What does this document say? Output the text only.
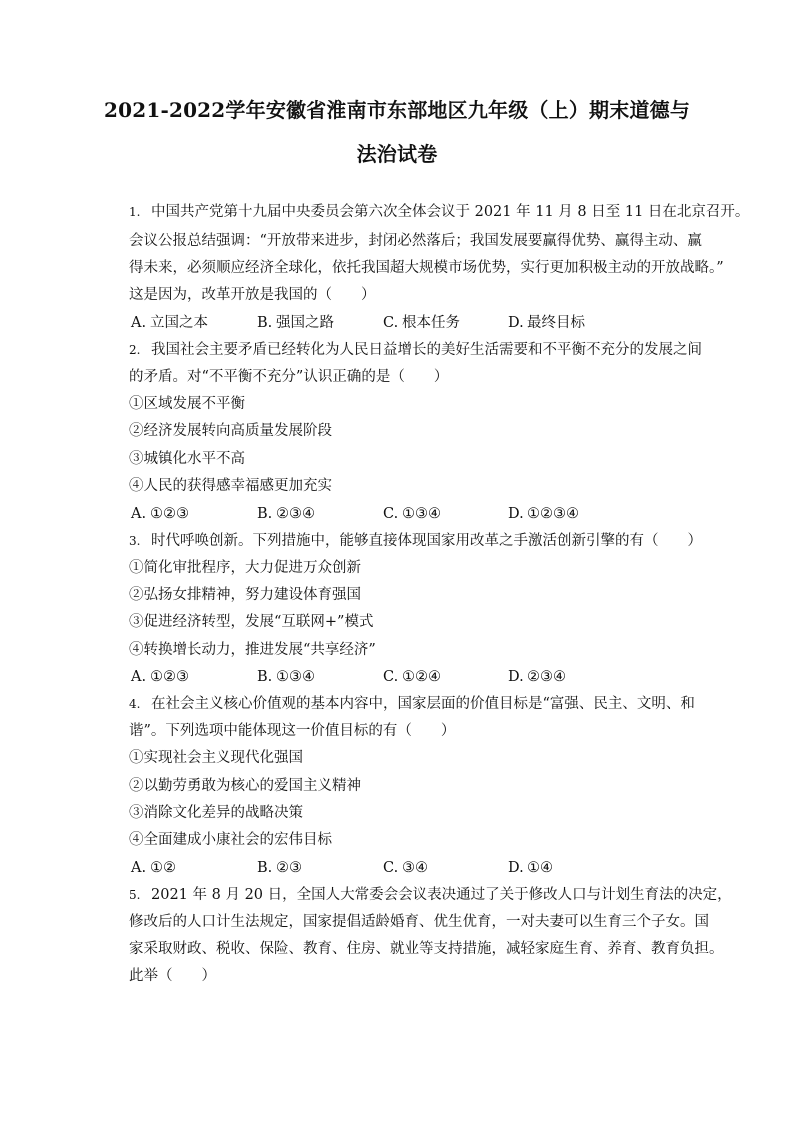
2021-2022学年安徽省淮南市东部地区九年级（上）期末道德与
法治试卷
1. 中国共产党第十九届中央委员会第六次全体会议于 2021 年 11 月 8 日至 11 日在北京召开。
会议公报总结强调：“开放带来进步，封闭必然落后；我国发展要赢得优势、赢得主动、赢
得未来，必须顺应经济全球化，依托我国超大规模市场优势，实行更加积极主动的开放战略。”
这是因为，改革开放是我国的（　　）
A. 立国之本	B. 强国之路	C. 根本任务	D. 最终目标
2. 我国社会主要矛盾已经转化为人民日益增长的美好生活需要和不平衡不充分的发展之间
的矛盾。对“不平衡不充分”认识正确的是（　　）
①区域发展不平衡
②经济发展转向高质量发展阶段
③城镇化水平不高
④人民的获得感幸福感更加充实
A. ①②③	B. ②③④	C. ①③④	D. ①②③④
3. 时代呼唤创新。下列措施中，能够直接体现国家用改革之手激活创新引擎的有（　　）
①简化审批程序，大力促进万众创新
②弘扬女排精神，努力建设体育强国
③促进经济转型，发展“互联网+”模式
④转换增长动力，推进发展“共享经济”
A. ①②③	B. ①③④	C. ①②④	D. ②③④
4. 在社会主义核心价值观的基本内容中，国家层面的价值目标是“富强、民主、文明、和
谐”。下列选项中能体现这一价值目标的有（　　）
①实现社会主义现代化强国
②以勤劳勇敢为核心的爱国主义精神
③消除文化差异的战略决策
④全面建成小康社会的宏伟目标
A. ①②	B. ②③	C. ③④	D. ①④
5. 2021 年 8 月 20 日，全国人大常委会会议表决通过了关于修改人口与计划生育法的决定，
修改后的人口计生法规定，国家提倡适龄婚育、优生优育，一对夫妻可以生育三个子女。国
家采取财政、税收、保险、教育、住房、就业等支持措施，减轻家庭生育、养育、教育负担。
此举（　　）
